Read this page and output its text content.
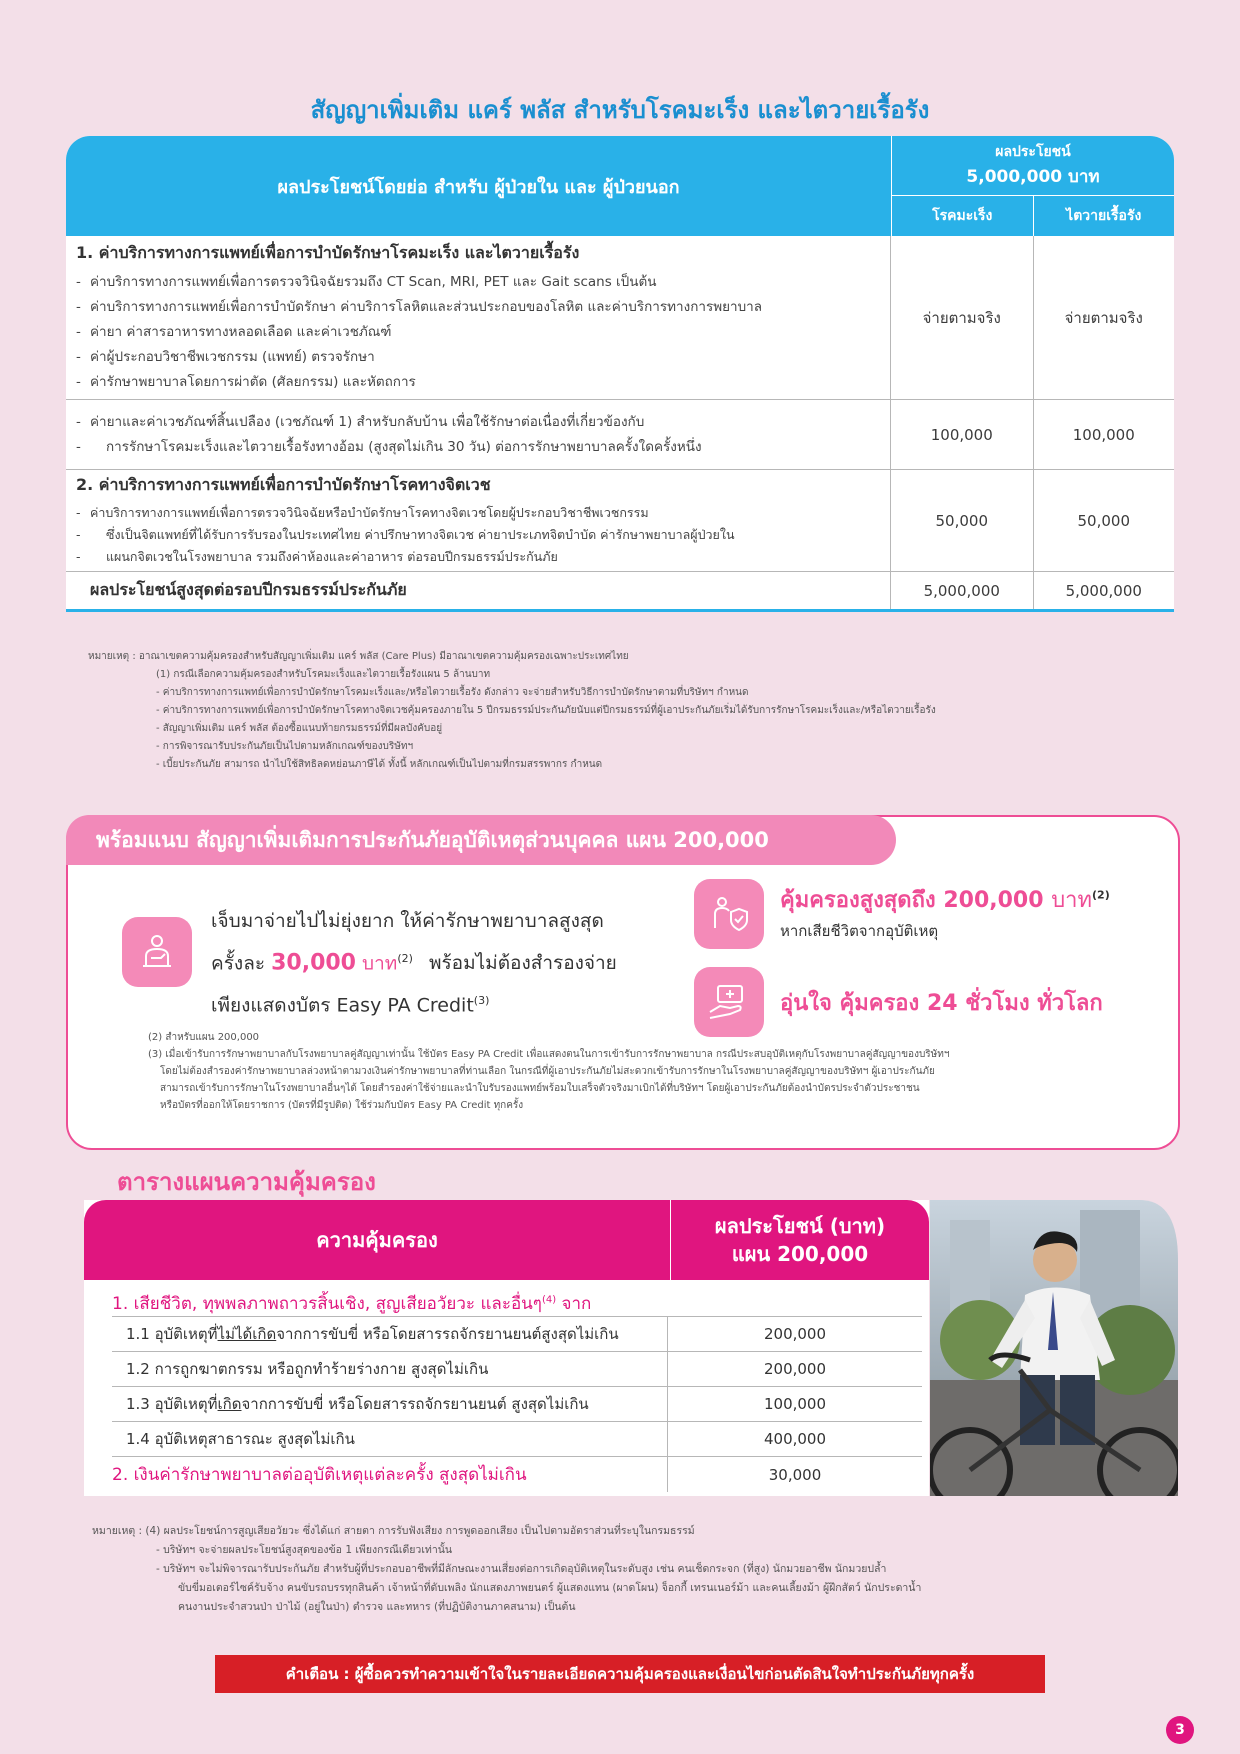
สัญญาเพิ่มเติม แคร์ พลัส สำหรับโรคมะเร็ง และไตวายเรื้อรัง
ผลประโยชน์โดยย่อ สำหรับ ผู้ป่วยใน และ ผู้ป่วยนอก
ผลประโยชน์
5,000,000 บาท
โรคมะเร็ง	ไตวายเรื้อรัง
1. ค่าบริการทางการแพทย์เพื่อการบำบัดรักษาโรคมะเร็ง และไตวายเรื้อรัง
- ค่าบริการทางการแพทย์เพื่อการตรวจวินิจฉัยรวมถึง CT Scan, MRI, PET และ Gait scans เป็นต้น
- ค่าบริการทางการแพทย์เพื่อการบำบัดรักษา ค่าบริการโลหิตและส่วนประกอบของโลหิต และค่าบริการทางการพยาบาล
- ค่ายา ค่าสารอาหารทางหลอดเลือด และค่าเวชภัณฑ์
- ค่าผู้ประกอบวิชาชีพเวชกรรม (แพทย์) ตรวจรักษา
- ค่ารักษาพยาบาลโดยการผ่าตัด (ศัลยกรรม) และหัตถการ
จ่ายตามจริง	จ่ายตามจริง
- ค่ายาและค่าเวชภัณฑ์สิ้นเปลือง (เวชภัณฑ์ 1) สำหรับกลับบ้าน เพื่อใช้รักษาต่อเนื่องที่เกี่ยวข้องกับ
- การรักษาโรคมะเร็งและไตวายเรื้อรังทางอ้อม (สูงสุดไม่เกิน 30 วัน) ต่อการรักษาพยาบาลครั้งใดครั้งหนึ่ง
100,000	100,000
2. ค่าบริการทางการแพทย์เพื่อการบำบัดรักษาโรคทางจิตเวช
- ค่าบริการทางการแพทย์เพื่อการตรวจวินิจฉัยหรือบำบัดรักษาโรคทางจิตเวชโดยผู้ประกอบวิชาชีพเวชกรรม
- ซึ่งเป็นจิตแพทย์ที่ได้รับการรับรองในประเทศไทย ค่าปรึกษาทางจิตเวช ค่ายาประเภทจิตบำบัด ค่ารักษาพยาบาลผู้ป่วยใน
- แผนกจิตเวชในโรงพยาบาล รวมถึงค่าห้องและค่าอาหาร ต่อรอบปีกรมธรรม์ประกันภัย
50,000	50,000
ผลประโยชน์สูงสุดต่อรอบปีกรมธรรม์ประกันภัย	5,000,000	5,000,000
หมายเหตุ : อาณาเขตความคุ้มครองสำหรับสัญญาเพิ่มเติม แคร์ พลัส (Care Plus) มีอาณาเขตความคุ้มครองเฉพาะประเทศไทย
(1) กรณีเลือกความคุ้มครองสำหรับโรคมะเร็งและไตวายเรื้อรังแผน 5 ล้านบาท
- ค่าบริการทางการแพทย์เพื่อการบำบัดรักษาโรคมะเร็งและ/หรือไตวายเรื้อรัง ดังกล่าว จะจ่ายสำหรับวิธีการบำบัดรักษาตามที่บริษัทฯ กำหนด
- ค่าบริการทางการแพทย์เพื่อการบำบัดรักษาโรคทางจิตเวชคุ้มครองภายใน 5 ปีกรมธรรม์ประกันภัยนับแต่ปีกรมธรรม์ที่ผู้เอาประกันภัยเริ่มได้รับการรักษาโรคมะเร็งและ/หรือไตวายเรื้อรัง
- สัญญาเพิ่มเติม แคร์ พลัส ต้องซื้อแนบท้ายกรมธรรม์ที่มีผลบังคับอยู่
- การพิจารณารับประกันภัยเป็นไปตามหลักเกณฑ์ของบริษัทฯ
- เบี้ยประกันภัย สามารถ นำไปใช้สิทธิลดหย่อนภาษีได้ ทั้งนี้ หลักเกณฑ์เป็นไปตามที่กรมสรรพากร กำหนด
พร้อมแนบ สัญญาเพิ่มเติมการประกันภัยอุบัติเหตุส่วนบุคคล แผน 200,000
เจ็บมาจ่ายไปไม่ยุ่งยาก ให้ค่ารักษาพยาบาลสูงสุด
ครั้งละ 30,000 บาท$^{(2)}$ พร้อมไม่ต้องสำรองจ่าย
เพียงแสดงบัตร Easy PA Credit$^{(3)}$
คุ้มครองสูงสุดถึง 200,000 บาท$^{(2)}$
หากเสียชีวิตจากอุบัติเหตุ
อุ่นใจ คุ้มครอง 24 ชั่วโมง ทั่วโลก
(2) สำหรับแผน 200,000
(3) เมื่อเข้ารับการรักษาพยาบาลกับโรงพยาบาลคู่สัญญาเท่านั้น ใช้บัตร Easy PA Credit เพื่อแสดงตนในการเข้ารับการรักษาพยาบาล กรณีประสบอุบัติเหตุกับโรงพยาบาลคู่สัญญาของบริษัทฯ
โดยไม่ต้องสำรองค่ารักษาพยาบาลล่วงหน้าตามวงเงินค่ารักษาพยาบาลที่ท่านเลือก ในกรณีที่ผู้เอาประกันภัยไม่สะดวกเข้ารับการรักษาในโรงพยาบาลคู่สัญญาของบริษัทฯ ผู้เอาประกันภัย
สามารถเข้ารับการรักษาในโรงพยาบาลอื่นๆได้ โดยสำรองค่าใช้จ่ายและนำใบรับรองแพทย์พร้อมใบเสร็จตัวจริงมาเบิกได้ที่บริษัทฯ โดยผู้เอาประกันภัยต้องนำบัตรประจำตัวประชาชน
หรือบัตรที่ออกให้โดยราชการ (บัตรที่มีรูปติด) ใช้ร่วมกับบัตร Easy PA Credit ทุกครั้ง
ตารางแผนความคุ้มครอง
ความคุ้มครอง
ผลประโยชน์ (บาท)
แผน 200,000
1. เสียชีวิต, ทุพพลภาพถาวรสิ้นเชิง, สูญเสียอวัยวะ และอื่นๆ$^{(4)}$ จาก
1.1 อุบัติเหตุที่ ไม่ได้เกิด จากการขับขี่ หรือโดยสารรถจักรยานยนต์สูงสุดไม่เกิน	200,000
1.2 การถูกฆาตกรรม หรือถูกทำร้ายร่างกาย สูงสุดไม่เกิน	200,000
1.3 อุบัติเหตุที่ เกิด จากการขับขี่ หรือโดยสารรถจักรยานยนต์ สูงสุดไม่เกิน	100,000
1.4 อุบัติเหตุสาธารณะ สูงสุดไม่เกิน	400,000
2. เงินค่ารักษาพยาบาลต่ออุบัติเหตุแต่ละครั้ง สูงสุดไม่เกิน	30,000
หมายเหตุ : (4) ผลประโยชน์การสูญเสียอวัยวะ ซึ่งได้แก่ สายตา การรับฟังเสียง การพูดออกเสียง เป็นไปตามอัตราส่วนที่ระบุในกรมธรรม์
- บริษัทฯ จะจ่ายผลประโยชน์สูงสุดของข้อ 1 เพียงกรณีเดียวเท่านั้น
- บริษัทฯ จะไม่พิจารณารับประกันภัย สำหรับผู้ที่ประกอบอาชีพที่มีลักษณะงานเสี่ยงต่อการเกิดอุบัติเหตุในระดับสูง เช่น คนเช็ดกระจก (ที่สูง) นักมวยอาชีพ นักมวยปล้ำ
ขับขี่มอเตอร์ไซค์รับจ้าง คนขับรถบรรทุกสินค้า เจ้าหน้าที่ดับเพลิง นักแสดงภาพยนตร์ ผู้แสดงแทน (ผาดโผน) จ็อกกี้ เทรนเนอร์ม้า และคนเลี้ยงม้า ผู้ฝึกสัตว์ นักประดาน้ำ
คนงานประจำสวนป่า ป่าไม้ (อยู่ในป่า) ตำรวจ และทหาร (ที่ปฏิบัติงานภาคสนาม) เป็นต้น
คำเตือน : ผู้ซื้อควรทำความเข้าใจในรายละเอียดความคุ้มครองและเงื่อนไขก่อนตัดสินใจทำประกันภัยทุกครั้ง
3
